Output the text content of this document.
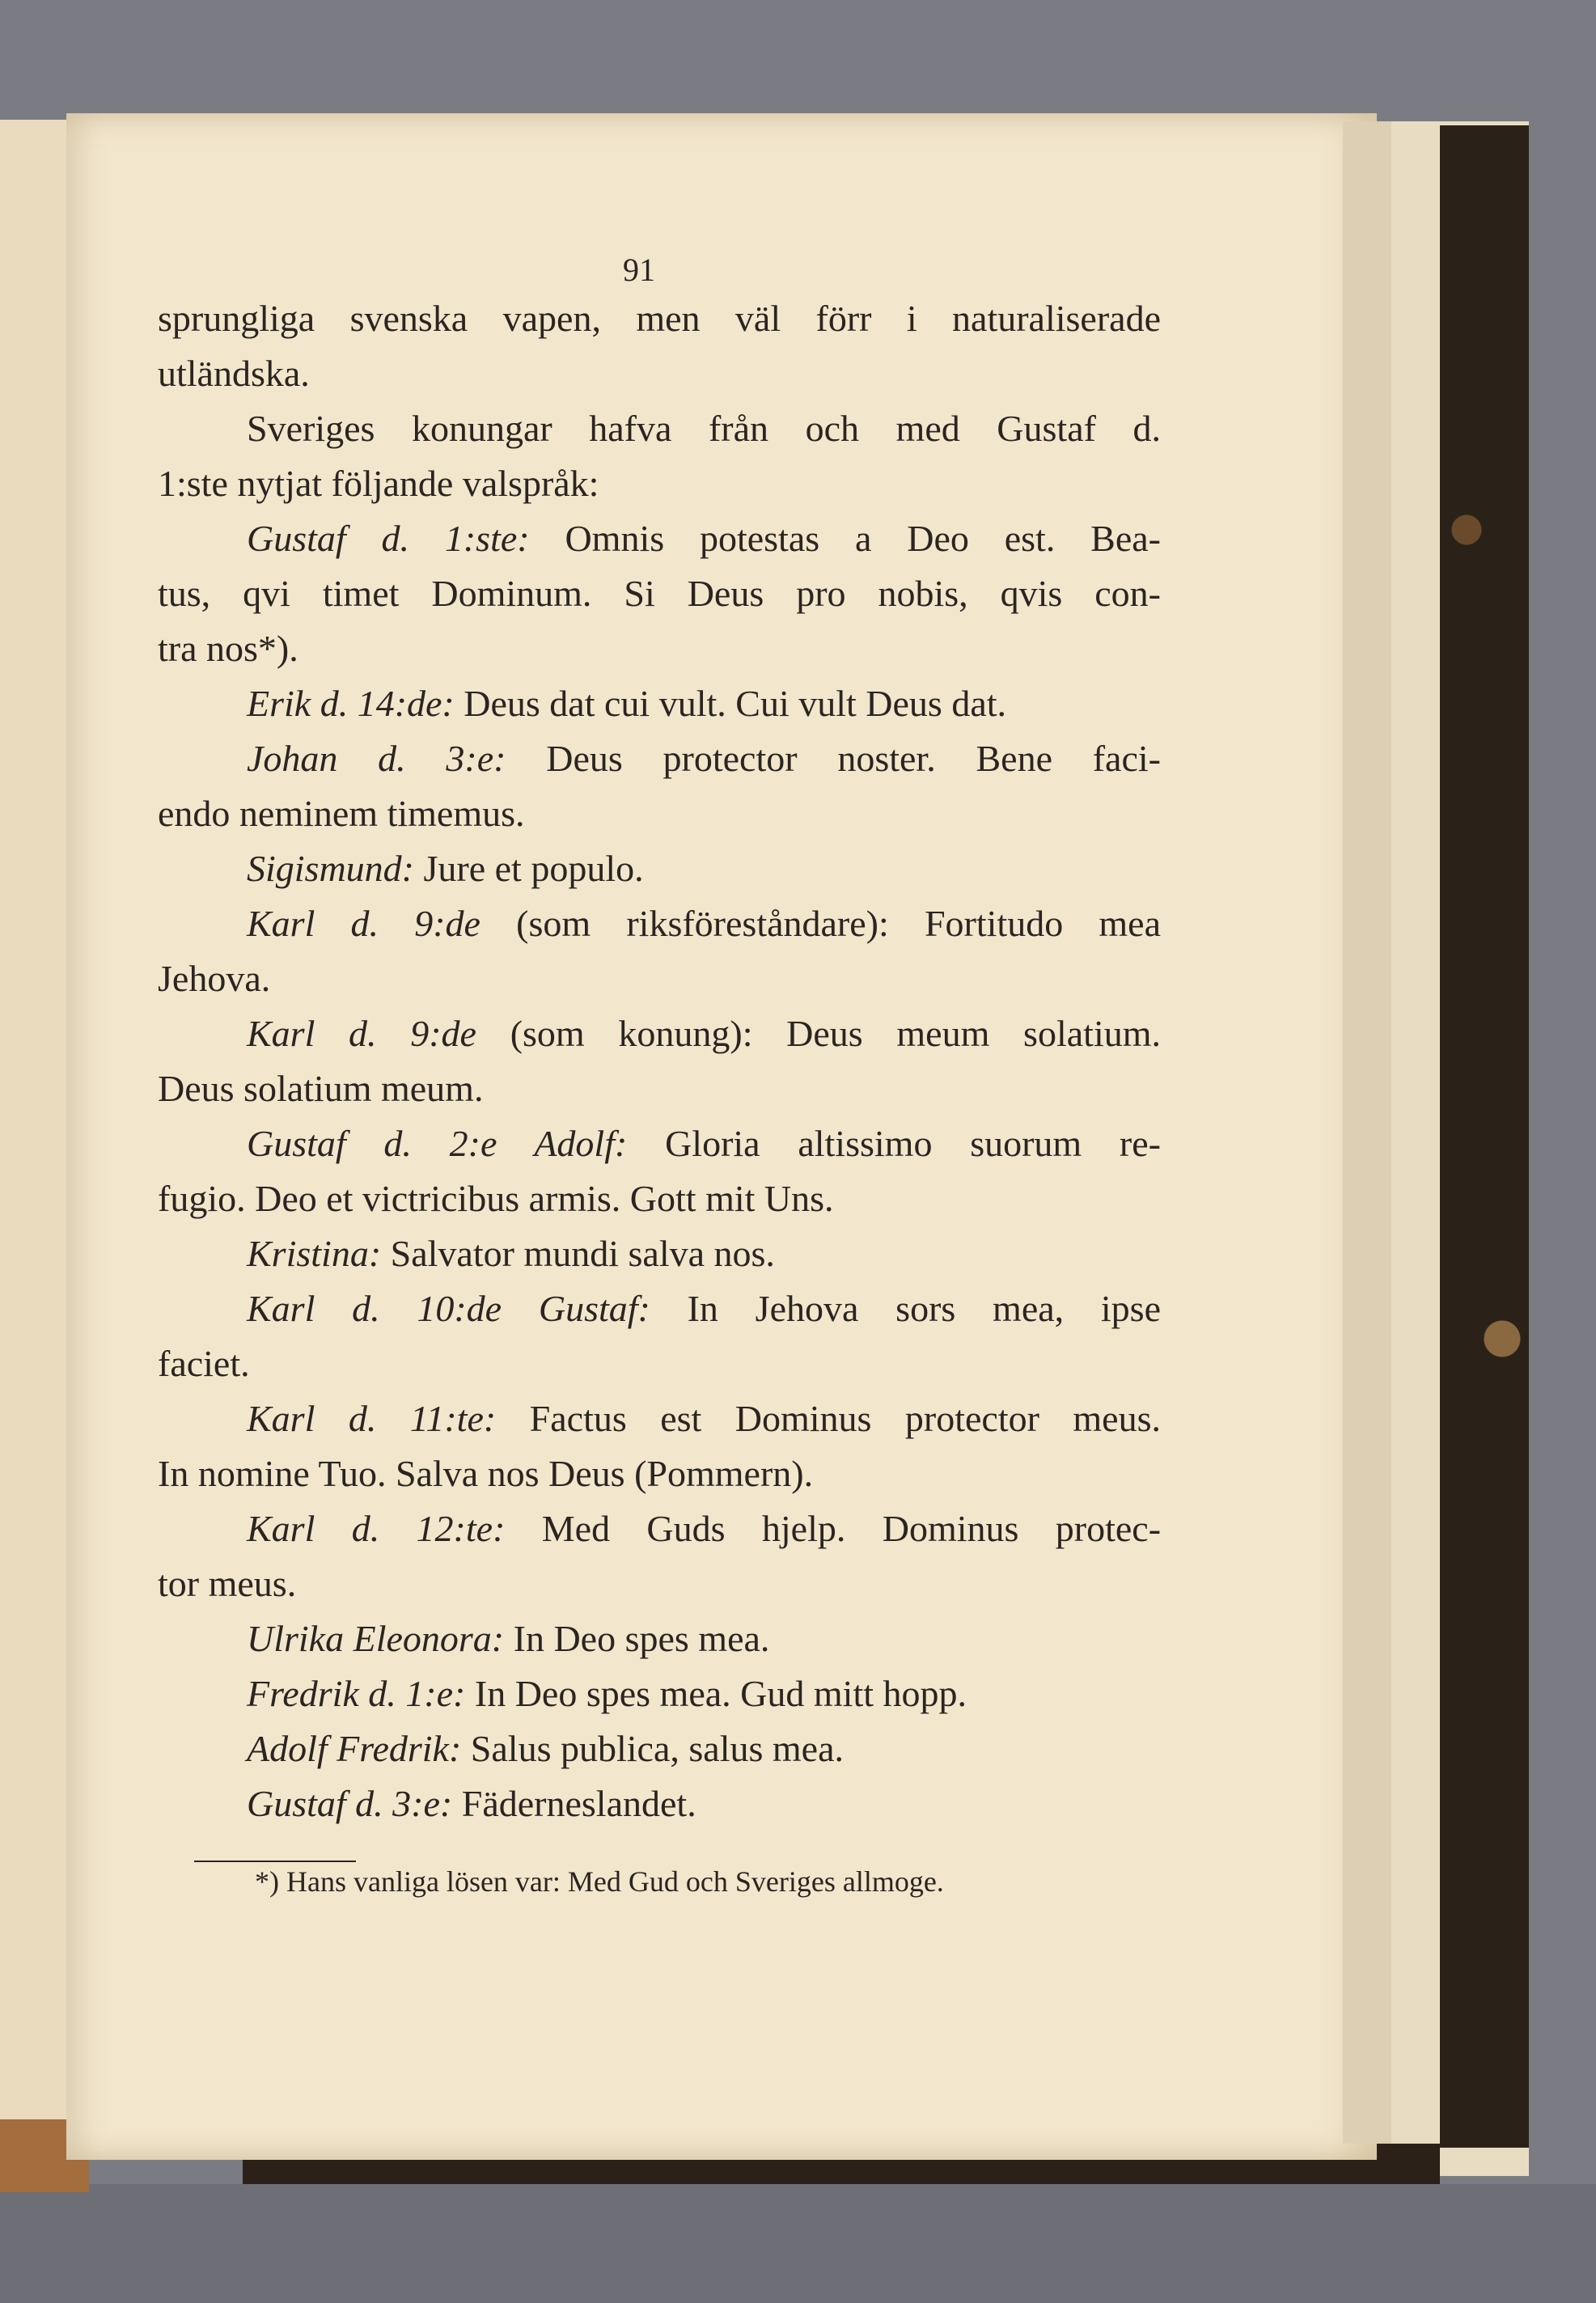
91

sprungliga svenska vapen, men väl förr i naturaliserade

utländska.

Sveriges konungar hafva från och med Gustaf d.

1:ste nytjat följande valspråk:

Gustaf d. 1:ste: Omnis potestas a Deo est. Bea-

tus, qvi timet Dominum. Si Deus pro nobis, qvis con-

tra nos*).

Erik d. 14:de: Deus dat cui vult. Cui vult Deus dat.

Johan d. 3:e: Deus protector noster. Bene faci-

endo neminem timemus.

Sigismund: Jure et populo.

Karl d. 9:de (som riksföreståndare): Fortitudo mea

Jehova.

Karl d. 9:de (som konung): Deus meum solatium.

Deus solatium meum.

Gustaf d. 2:e Adolf: Gloria altissimo suorum re-

fugio. Deo et victricibus armis. Gott mit Uns.

Kristina: Salvator mundi salva nos.

Karl d. 10:de Gustaf: In Jehova sors mea, ipse

faciet.

Karl d. 11:te: Factus est Dominus protector meus.

In nomine Tuo. Salva nos Deus (Pommern).

Karl d. 12:te: Med Guds hjelp. Dominus protec-

tor meus.

Ulrika Eleonora: In Deo spes mea.

Fredrik d. 1:e: In Deo spes mea. Gud mitt hopp.

Adolf Fredrik: Salus publica, salus mea.

Gustaf d. 3:e: Fäderneslandet.

*) Hans vanliga lösen var: Med Gud och Sveriges allmoge.
